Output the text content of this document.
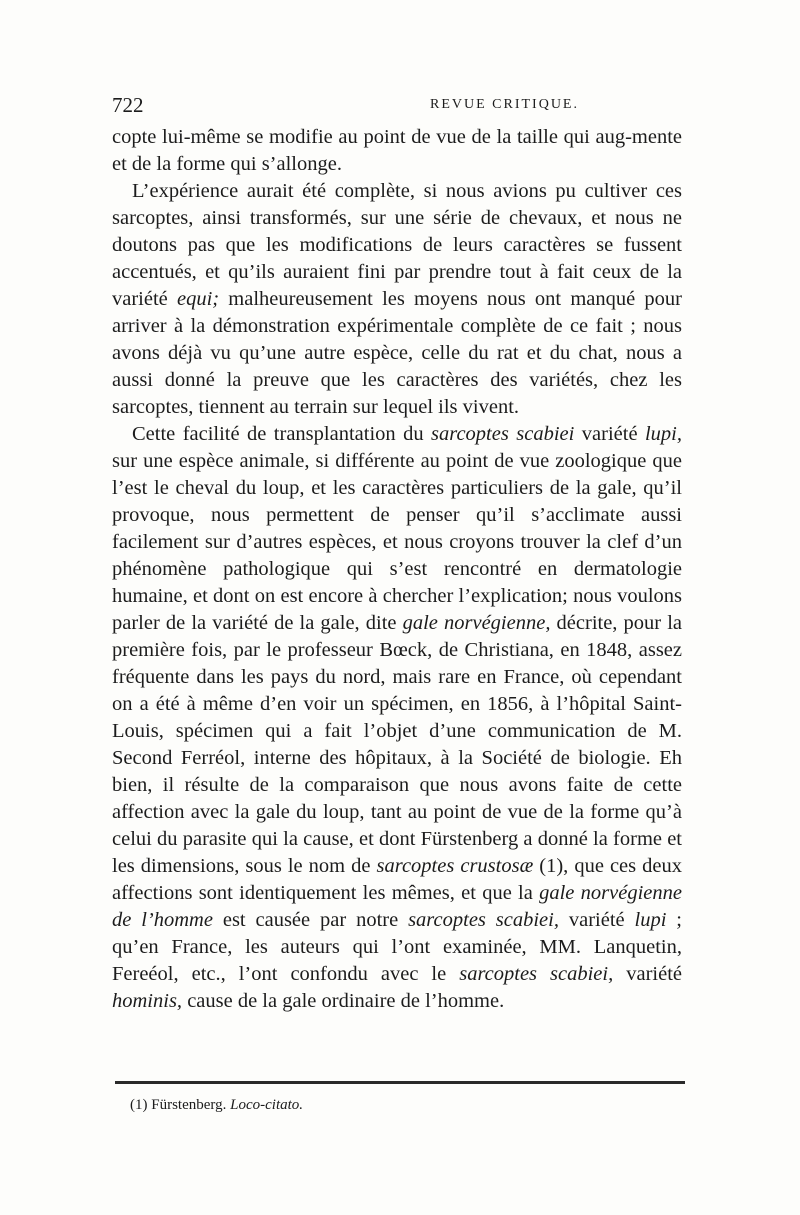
722	REVUE CRITIQUE.

copte lui-même se modifie au point de vue de la taille qui aug-mente et de la forme qui s’allonge.

L’expérience aurait été complète, si nous avions pu cultiver ces sarcoptes, ainsi transformés, sur une série de chevaux, et nous ne doutons pas que les modifications de leurs caractères se fussent accentués, et qu’ils auraient fini par prendre tout à fait ceux de la variété equi; malheureusement les moyens nous ont manqué pour arriver à la démonstration expérimentale complète de ce fait ; nous avons déjà vu qu’une autre espèce, celle du rat et du chat, nous a aussi donné la preuve que les caractères des variétés, chez les sarcoptes, tiennent au terrain sur lequel ils vivent.

Cette facilité de transplantation du sarcoptes scabiei variété lupi, sur une espèce animale, si différente au point de vue zoologique que l’est le cheval du loup, et les caractères particuliers de la gale, qu’il provoque, nous permettent de penser qu’il s’acclimate aussi facilement sur d’autres espèces, et nous croyons trouver la clef d’un phénomène pathologique qui s’est rencontré en dermatologie humaine, et dont on est encore à chercher l’explication; nous voulons parler de la variété de la gale, dite gale norvégienne, décrite, pour la première fois, par le professeur Bœck, de Christiana, en 1848, assez fréquente dans les pays du nord, mais rare en France, où cependant on a été à même d’en voir un spécimen, en 1856, à l’hôpital Saint-Louis, spécimen qui a fait l’objet d’une communication de M. Second Ferréol, interne des hôpitaux, à la Société de biologie. Eh bien, il résulte de la comparaison que nous avons faite de cette affection avec la gale du loup, tant au point de vue de la forme qu’à celui du parasite qui la cause, et dont Fürstenberg a donné la forme et les dimensions, sous le nom de sarcoptes crustosæ (1), que ces deux affections sont identiquement les mêmes, et que la gale norvégienne de l’homme est causée par notre sarcoptes scabiei, variété lupi ; qu’en France, les auteurs qui l’ont examinée, MM. Lanquetin, Fereéol, etc., l’ont confondu avec le sarcoptes scabiei, variété hominis, cause de la gale ordinaire de l’homme.

(1) Fürstenberg. Loco-citato.
